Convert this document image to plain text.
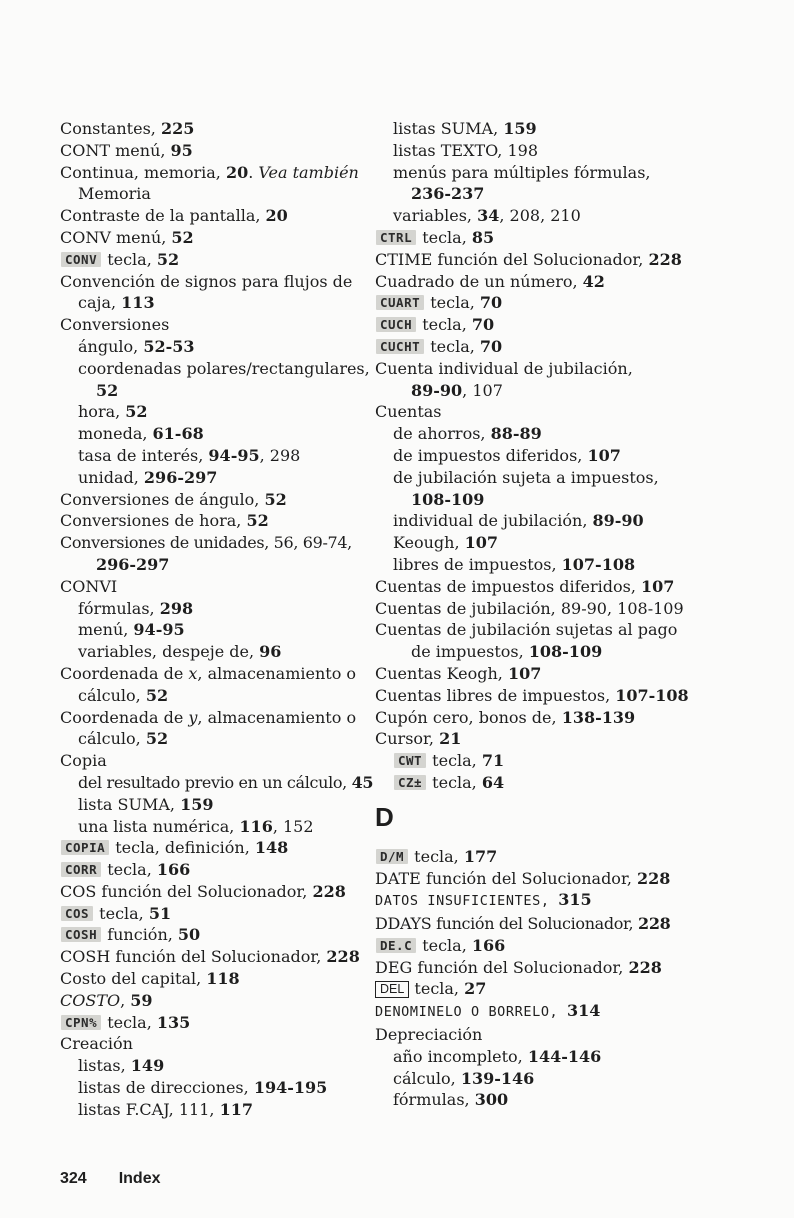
Constantes, 225
CONT menú, 95
Continua, memoria, 20. Vea también
Memoria
Contraste de la pantalla, 20
CONV menú, 52
CONV tecla, 52
Convención de signos para flujos de
caja, 113
Conversiones
ángulo, 52-53
coordenadas polares/rectangulares,
52
hora, 52
moneda, 61-68
tasa de interés, 94-95, 298
unidad, 296-297
Conversiones de ángulo, 52
Conversiones de hora, 52
Conversiones de unidades, 56, 69-74,
296-297
CONVI
fórmulas, 298
menú, 94-95
variables, despeje de, 96
Coordenada de x, almacenamiento o
cálculo, 52
Coordenada de y, almacenamiento o
cálculo, 52
Copia
del resultado previo en un cálculo, 45
lista SUMA, 159
una lista numérica, 116, 152
COPIA tecla, definición, 148
CORR tecla, 166
COS función del Solucionador, 228
COS tecla, 51
COSH función, 50
COSH función del Solucionador, 228
Costo del capital, 118
COSTO, 59
CPN% tecla, 135
Creación
listas, 149
listas de direcciones, 194-195
listas F.CAJ, 111, 117
listas SUMA, 159
listas TEXTO, 198
menús para múltiples fórmulas,
236-237
variables, 34, 208, 210
CTRL tecla, 85
CTIME función del Solucionador, 228
Cuadrado de un número, 42
CUART tecla, 70
CUCH tecla, 70
CUCHT tecla, 70
Cuenta individual de jubilación,
89-90, 107
Cuentas
de ahorros, 88-89
de impuestos diferidos, 107
de jubilación sujeta a impuestos,
108-109
individual de jubilación, 89-90
Keough, 107
libres de impuestos, 107-108
Cuentas de impuestos diferidos, 107
Cuentas de jubilación, 89-90, 108-109
Cuentas de jubilación sujetas al pago
de impuestos, 108-109
Cuentas Keogh, 107
Cuentas libres de impuestos, 107-108
Cupón cero, bonos de, 138-139
Cursor, 21
CWT tecla, 71
CZ± tecla, 64
D
D/M tecla, 177
DATE función del Solucionador, 228
DATOS INSUFICIENTES, 315
DDAYS función del Solucionador, 228
DE.C tecla, 166
DEG función del Solucionador, 228
DEL tecla, 27
DENOMINELO O BORRELO, 314
Depreciación
año incompleto, 144-146
cálculo, 139-146
fórmulas, 300
324 Index
